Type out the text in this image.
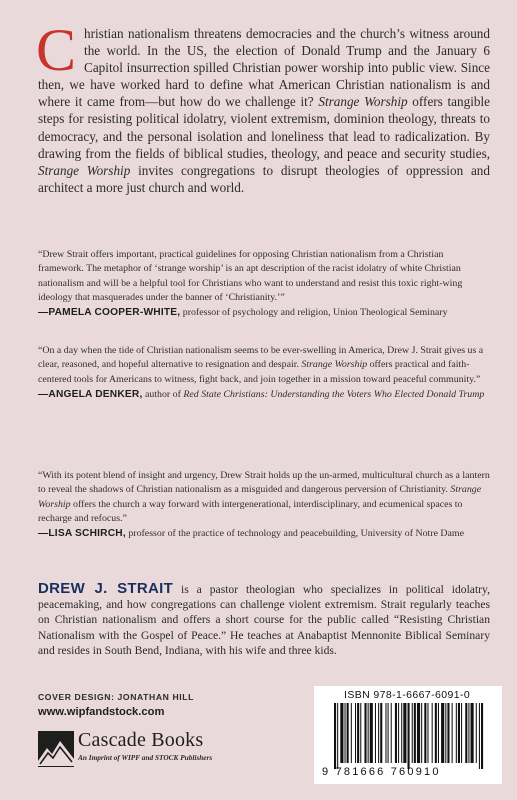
Christian nationalism threatens democracies and the church’s witness around the world. In the US, the election of Donald Trump and the January 6 Capitol insurrection spilled Christian power worship into public view. Since then, we have worked hard to define what American Christian nationalism is and where it came from—but how do we challenge it? Strange Worship offers tangible steps for resisting political idolatry, violent extremism, dominion theology, threats to democracy, and the personal isolation and loneliness that lead to radicalization. By drawing from the fields of biblical studies, theology, and peace and security studies, Strange Worship invites congregations to disrupt theologies of oppression and architect a more just church and world.
“Drew Strait offers important, practical guidelines for opposing Christian nationalism from a Christian framework. The metaphor of ‘strange worship’ is an apt description of the racist idolatry of white Christian nationalism and will be a helpful tool for Christians who want to understand and resist this toxic right-wing ideology that masquerades under the banner of ‘Christianity.’”
—PAMELA COOPER-WHITE, professor of psychology and religion, Union Theological Seminary
“On a day when the tide of Christian nationalism seems to be ever-swelling in America, Drew J. Strait gives us a clear, reasoned, and hopeful alternative to resignation and despair. Strange Worship offers practical and faith-centered tools for Americans to witness, fight back, and join together in a mission toward peaceful community.”
—ANGELA DENKER, author of Red State Christians: Understanding the Voters Who Elected Donald Trump
“With its potent blend of insight and urgency, Drew Strait holds up the un-armed, multicultural church as a lantern to reveal the shadows of Christian nationalism as a misguided and dangerous perversion of Christianity. Strange Worship offers the church a way forward with intergenerational, interdisciplinary, and ecumenical spaces to recharge and refocus.”
—LISA SCHIRCH, professor of the practice of technology and peacebuilding, University of Notre Dame
DREW J. STRAIT is a pastor theologian who specializes in political idolatry, peacemaking, and how congregations can challenge violent extremism. Strait regularly teaches on Christian nationalism and offers a short course for the public called “Resisting Christian Nationalism with the Gospel of Peace.” He teaches at Anabaptist Mennonite Biblical Seminary and resides in South Bend, Indiana, with his wife and three kids.
COVER DESIGN: JONATHAN HILL
www.wipfandstock.com
Cascade Books
An Imprint of WIPF and STOCK Publishers
ISBN 978-1-6667-6091-0
9 781666 760910
